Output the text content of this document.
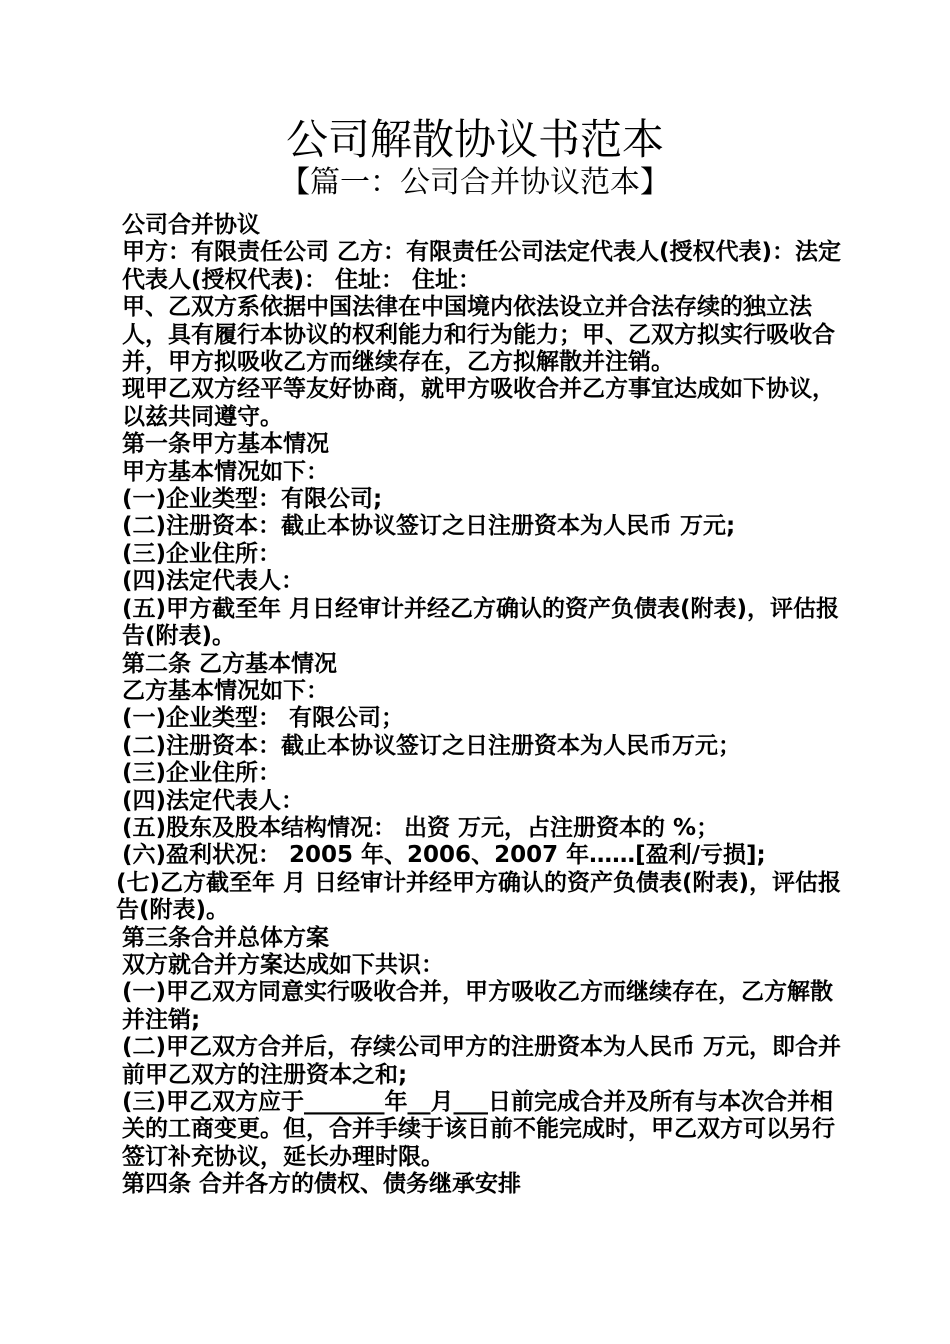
公司解散协议书范本
【篇一：公司合并协议范本】

公司合并协议

甲方：有限责任公司 乙方：有限责任公司法定代表人(授权代表)：法定代表人(授权代表)： 住址： 住址：

甲、乙双方系依据中国法律在中国境内依法设立并合法存续的独立法人，具有履行本协议的权利能力和行为能力；甲、乙双方拟实行吸收合并，甲方拟吸收乙方而继续存在，乙方拟解散并注销。

现甲乙双方经平等友好协商，就甲方吸收合并乙方事宜达成如下协议，以兹共同遵守。

第一条甲方基本情况

甲方基本情况如下：

(一)企业类型：有限公司;

(二)注册资本：截止本协议签订之日注册资本为人民币 万元;

(三)企业住所：

(四)法定代表人：

(五)甲方截至年 月日经审计并经乙方确认的资产负债表(附表)，评估报告(附表)。

第二条 乙方基本情况

乙方基本情况如下：

(一)企业类型： 有限公司；

(二)注册资本：截止本协议签订之日注册资本为人民币万元；

(三)企业住所：

(四)法定代表人：

(五)股东及股本结构情况： 出资 万元，占注册资本的 %；

(六)盈利状况： 2005 年、2006、2007 年……[盈利/亏损];

(七)乙方截至年 月 日经审计并经甲方确认的资产负债表(附表)，评估报告(附表)。

第三条合并总体方案

双方就合并方案达成如下共识：

(一)甲乙双方同意实行吸收合并，甲方吸收乙方而继续存在，乙方解散并注销;

(二)甲乙双方合并后，存续公司甲方的注册资本为人民币 万元，即合并前甲乙双方的注册资本之和;

(三)甲乙双方应于_______年__月___日前完成合并及所有与本次合并相关的工商变更。但，合并手续于该日前不能完成时，甲乙双方可以另行签订补充协议，延长办理时限。

第四条 合并各方的债权、债务继承安排
